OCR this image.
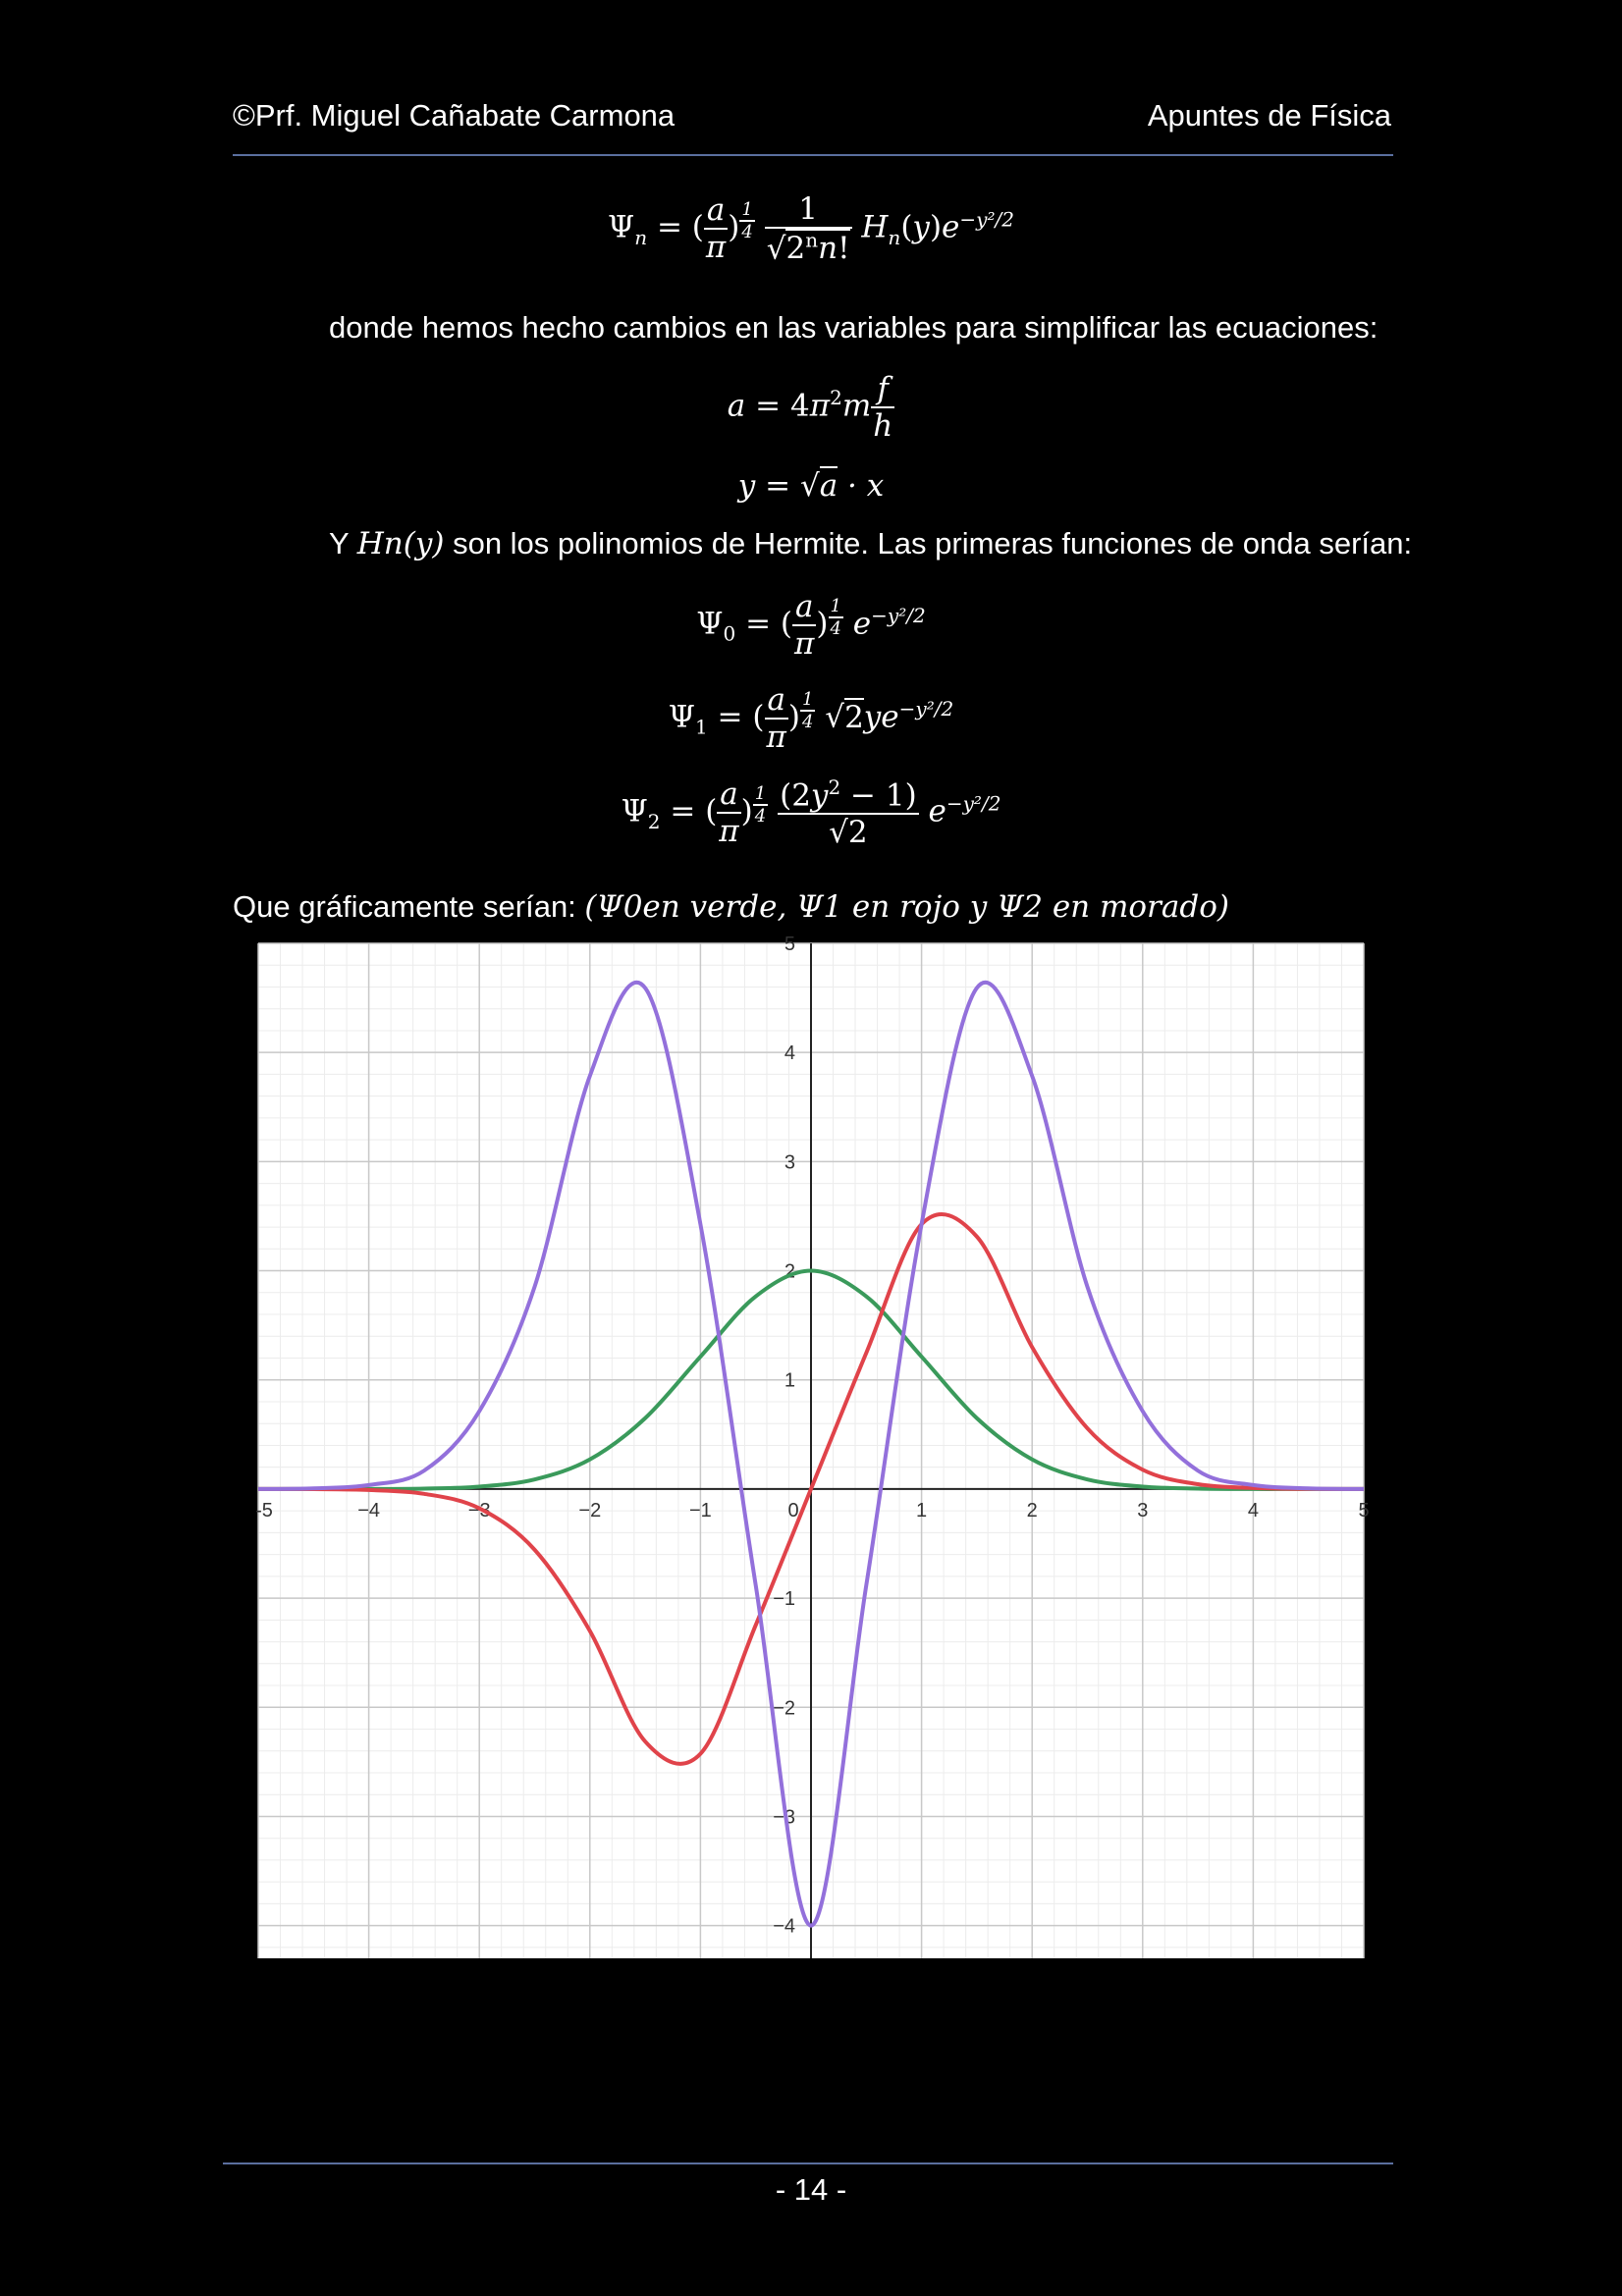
©Prf. Miguel Cañabate Carmona	Apuntes de Física
$\Psi_n$ = ( $\frac{a}{\pi}$ ) $^{\frac{1}{4}}$
$\frac{1}{√2^nn!} H_n(y)e^{-y^2/2}$
donde hemos hecho cambios en las variables para simplificar las ecuaciones:
$a = 4\pi^2m \frac{f}{h}$
y = √a · x
Y Hn(y) son los polinomios de Hermite. Las primeras funciones de onda serían:
$\Psi_0$ = ( $\frac{a}{\pi}$ ) $^{\frac{1}{4}}$ $e^{-y^2/2}$
$\Psi_1$ = ( $\frac{a}{\pi}$ ) $^{\frac{1}{4}}$ $√2ye^{-y^2/2}$
$\Psi_2$ = ( $\frac{a}{\pi}$ ) $^{\frac{1}{4}}$
$\frac{(2y^2 - 1)}{√2} e^{-y^2/2}$
Que gráficamente serían: (Ψ0en verde, Ψ1 en rojo y Ψ2 en morado)
-5	−4	−3	−2	−1	0	1	2	3	4	5
5
4
3
2
1
−1
−2
−3
−4
- 14 -
